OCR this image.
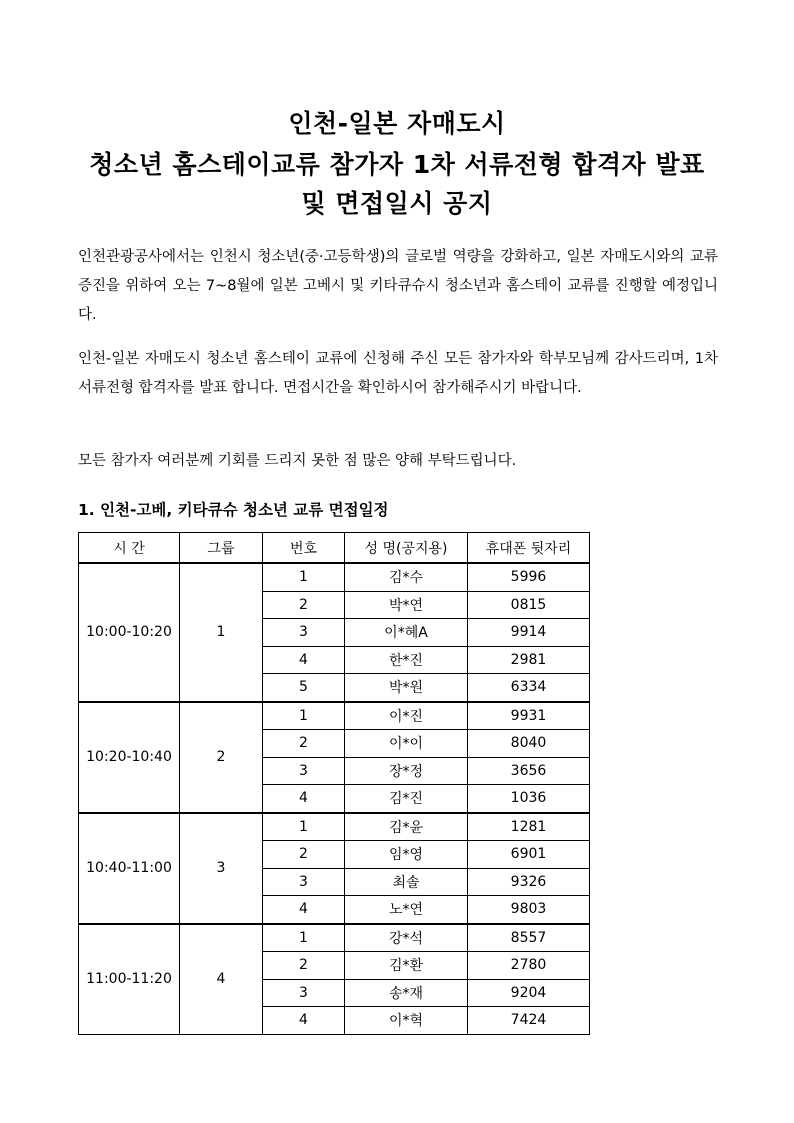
인천-일본 자매도시
청소년 홈스테이교류 참가자 1차 서류전형 합격자 발표
및 면접일시 공지
인천관광공사에서는 인천시 청소년(중·고등학생)의 글로벌 역량을 강화하고, 일본 자매도시와의 교류증진을 위하여 오는 7~8월에 일본 고베시 및 키타큐슈시 청소년과 홈스테이 교류를 진행할 예정입니다.
인천-일본 자매도시 청소년 홈스테이 교류에 신청해 주신 모든 참가자와 학부모님께 감사드리며, 1차 서류전형 합격자를 발표 합니다. 면접시간을 확인하시어 참가해주시기 바랍니다.
모든 참가자 여러분께 기회를 드리지 못한 점 많은 양해 부탁드립니다.
1. 인천-고베, 키타큐슈 청소년 교류 면접일정
시 간	그룹	번호	성 명(공지용)	휴대폰 뒷자리
10:00-10:20	1	1	김*수	5996
		2	박*연	0815
		3	이*혜A	9914
		4	한*진	2981
		5	박*원	6334
10:20-10:40	2	1	이*진	9931
		2	이*이	8040
		3	장*정	3656
		4	김*진	1036
10:40-11:00	3	1	김*윤	1281
		2	임*영	6901
		3	최솔	9326
		4	노*연	9803
11:00-11:20	4	1	강*석	8557
		2	김*환	2780
		3	송*재	9204
		4	이*혁	7424
